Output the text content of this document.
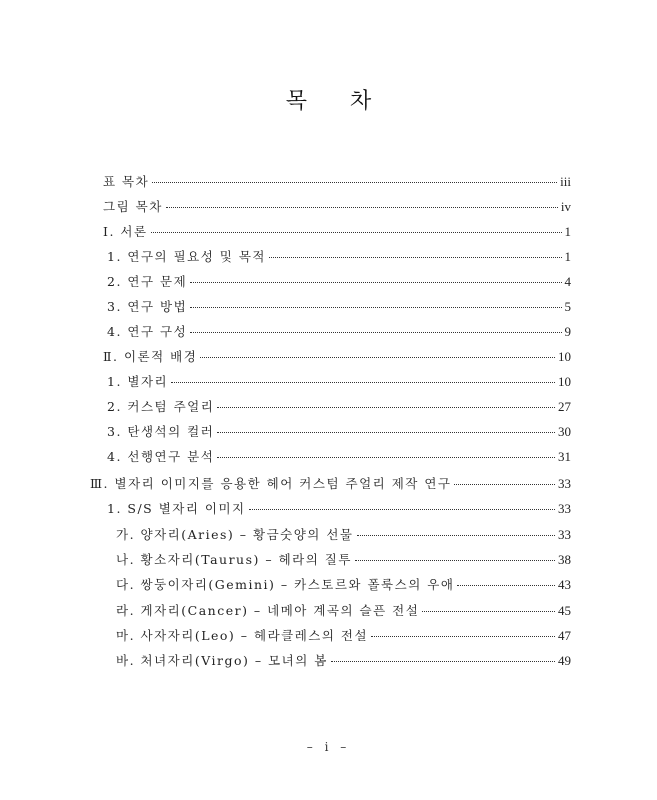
목 차
표 목차	iii
그림 목차	iv
Ⅰ. 서론	1
1. 연구의 필요성 및 목적	1
2. 연구 문제	4
3. 연구 방법	5
4. 연구 구성	9
Ⅱ. 이론적 배경	10
1. 별자리	10
2. 커스텀 주얼리	27
3. 탄생석의 컬러	30
4. 선행연구 분석	31
Ⅲ. 별자리 이미지를 응용한 헤어 커스텀 주얼리 제작 연구	33
1. S/S 별자리 이미지	33
가. 양자리(Aries) – 황금숫양의 선물	33
나. 황소자리(Taurus) – 헤라의 질투	38
다. 쌍둥이자리(Gemini) – 카스토르와 폴룩스의 우애	43
라. 게자리(Cancer) – 네메아 계곡의 슬픈 전설	45
마. 사자자리(Leo) – 헤라클레스의 전설	47
바. 처녀자리(Virgo) – 모녀의 봄	49
– i –
